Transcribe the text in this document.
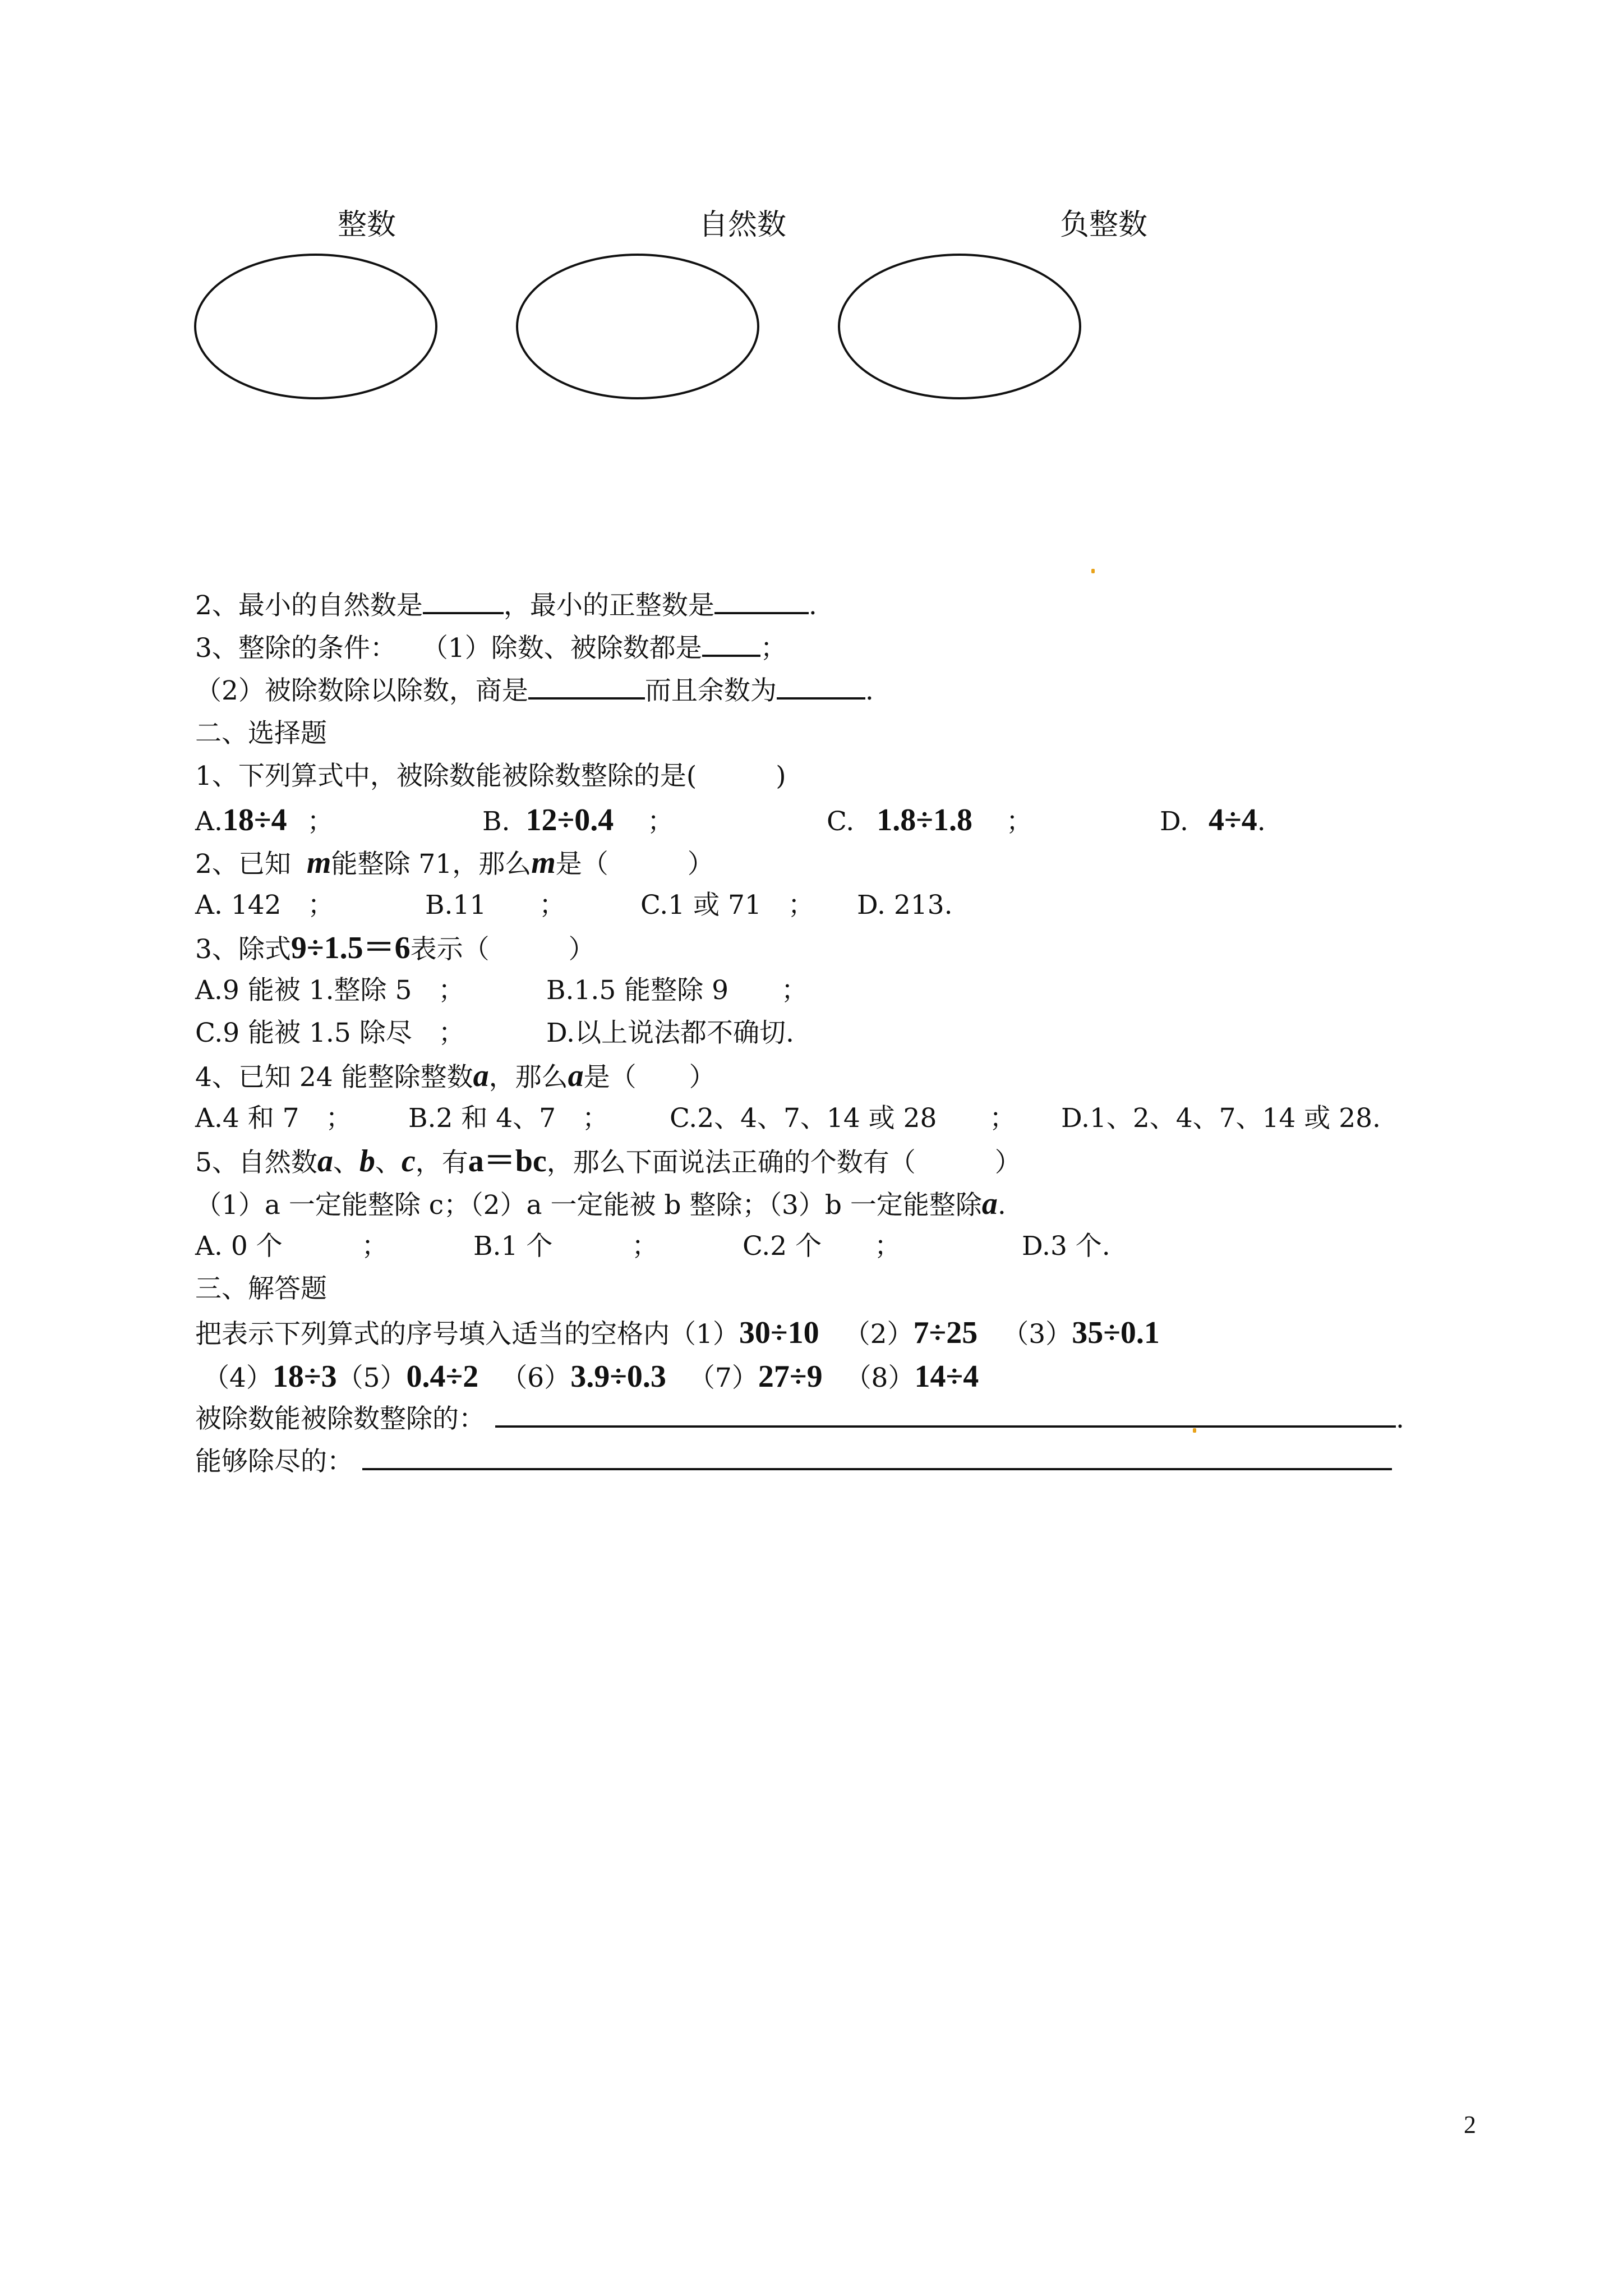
整数	自然数	负整数
2、最小的自然数是	，最小的正整数是	.
3、整除的条件： （1）除数、被除数都是 ；
（2）被除数除以除数，商是	而且余数为	.
二、选择题
1、下列算式中，被除数能被除数整除的是(　　　)
A.18÷4 ；	B. 12÷0.4 ；	C. 1.8÷1.8 ；	D. 4÷4.
2、已知 m能整除 71，那么m是（　　　）
A. 142　；	B.11　　；	C.1 或 71　； D. 213.
3、除式9÷1.5＝6表示（　　　）
A.9 能被 1.整除 5　；	B.1.5 能整除 9　　；
C.9 能被 1.5 除尽　；	D.以上说法都不确切.
4、已知 24 能整除整数a，那么a是（　　）
A.4 和 7　； B.2 和 4、7　； C.2、4、7、14 或 28　　； D.1、2、4、7、14 或 28.
5、自然数a、b、c，有a＝bc，那么下面说法正确的个数有（　　　）
（1）a 一定能整除 c；（2）a 一定能被 b 整除；（3）b 一定能整除a.
A. 0 个　　　；	B.1 个　　　；	C.2 个　　；	D.3 个.
三、解答题
把表示下列算式的序号填入适当的空格内（1）30÷10 （2）7÷25 （3）35÷0.1
（4）18÷3（5）0.4÷2 （6）3.9÷0.3 （7）27÷9 （8）14÷4
被除数能被除数整除的：	.
能够除尽的：
2
